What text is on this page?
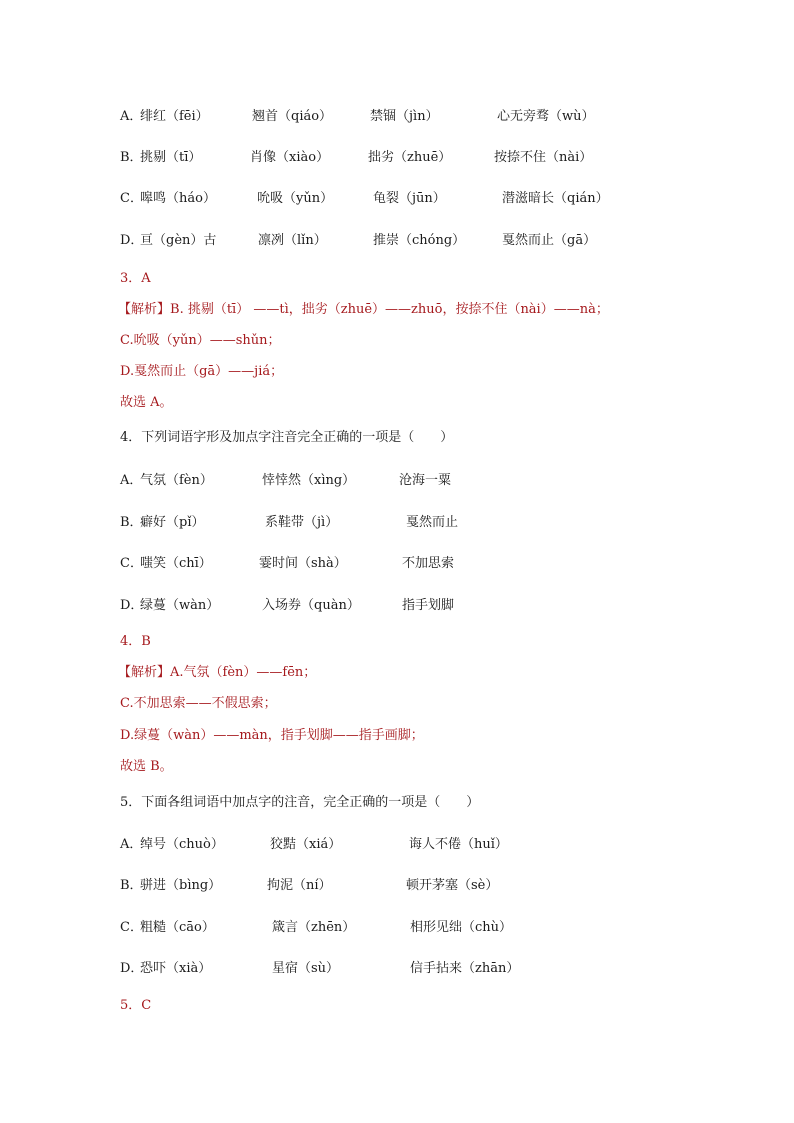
A．
绯红（fēi）	翘首（qiáo）	禁锢（jìn）	心无旁骛（wù）
B．
挑剔（tī）	肖像（xiào）	拙劣（zhuē）	按捺不住（nài）
C．
嗥鸣（háo）	吮吸（yǔn）	龟裂（jūn）	潜滋暗长（qián）
D．
亘（gèn）古	凛冽（lǐn）	推崇（chóng）	戛然而止（gā）
3．A
【解析】B. 挑剔（tī） ——tì，拙劣（zhuē）——zhuō，按捺不住（nài）——nà；
C.吮吸（yǔn）——shǔn；
D.戛然而止（gā）——jiá；
故选 A。
4．下列词语字形及加点字注音完全正确的一项是（　　）
A．
气氛（fèn）	悻悻然（xìng）	沧海一粟
B．
癖好（pǐ）	系鞋带（jì）	戛然而止
C．
嗤笑（chī）	霎时间（shà）	不加思索
D．
绿蔓（wàn）	入场券（quàn）	指手划脚
4．B
【解析】A.气氛（fèn）——fēn；
C.不加思索——不假思索；
D.绿蔓（wàn）——màn，指手划脚——指手画脚；
故选 B。
5．下面各组词语中加点字的注音，完全正确的一项是（　　）
A．
绰号（chuò）	狡黠（xiá）	诲人不倦（huǐ）
B．
骈进（bìng）	拘泥（ní）	顿开茅塞（sè）
C．
粗糙（cāo）	箴言（zhēn）	相形见绌（chù）
D．
恐吓（xià）	星宿（sù）	信手拈来（zhān）
5．C
